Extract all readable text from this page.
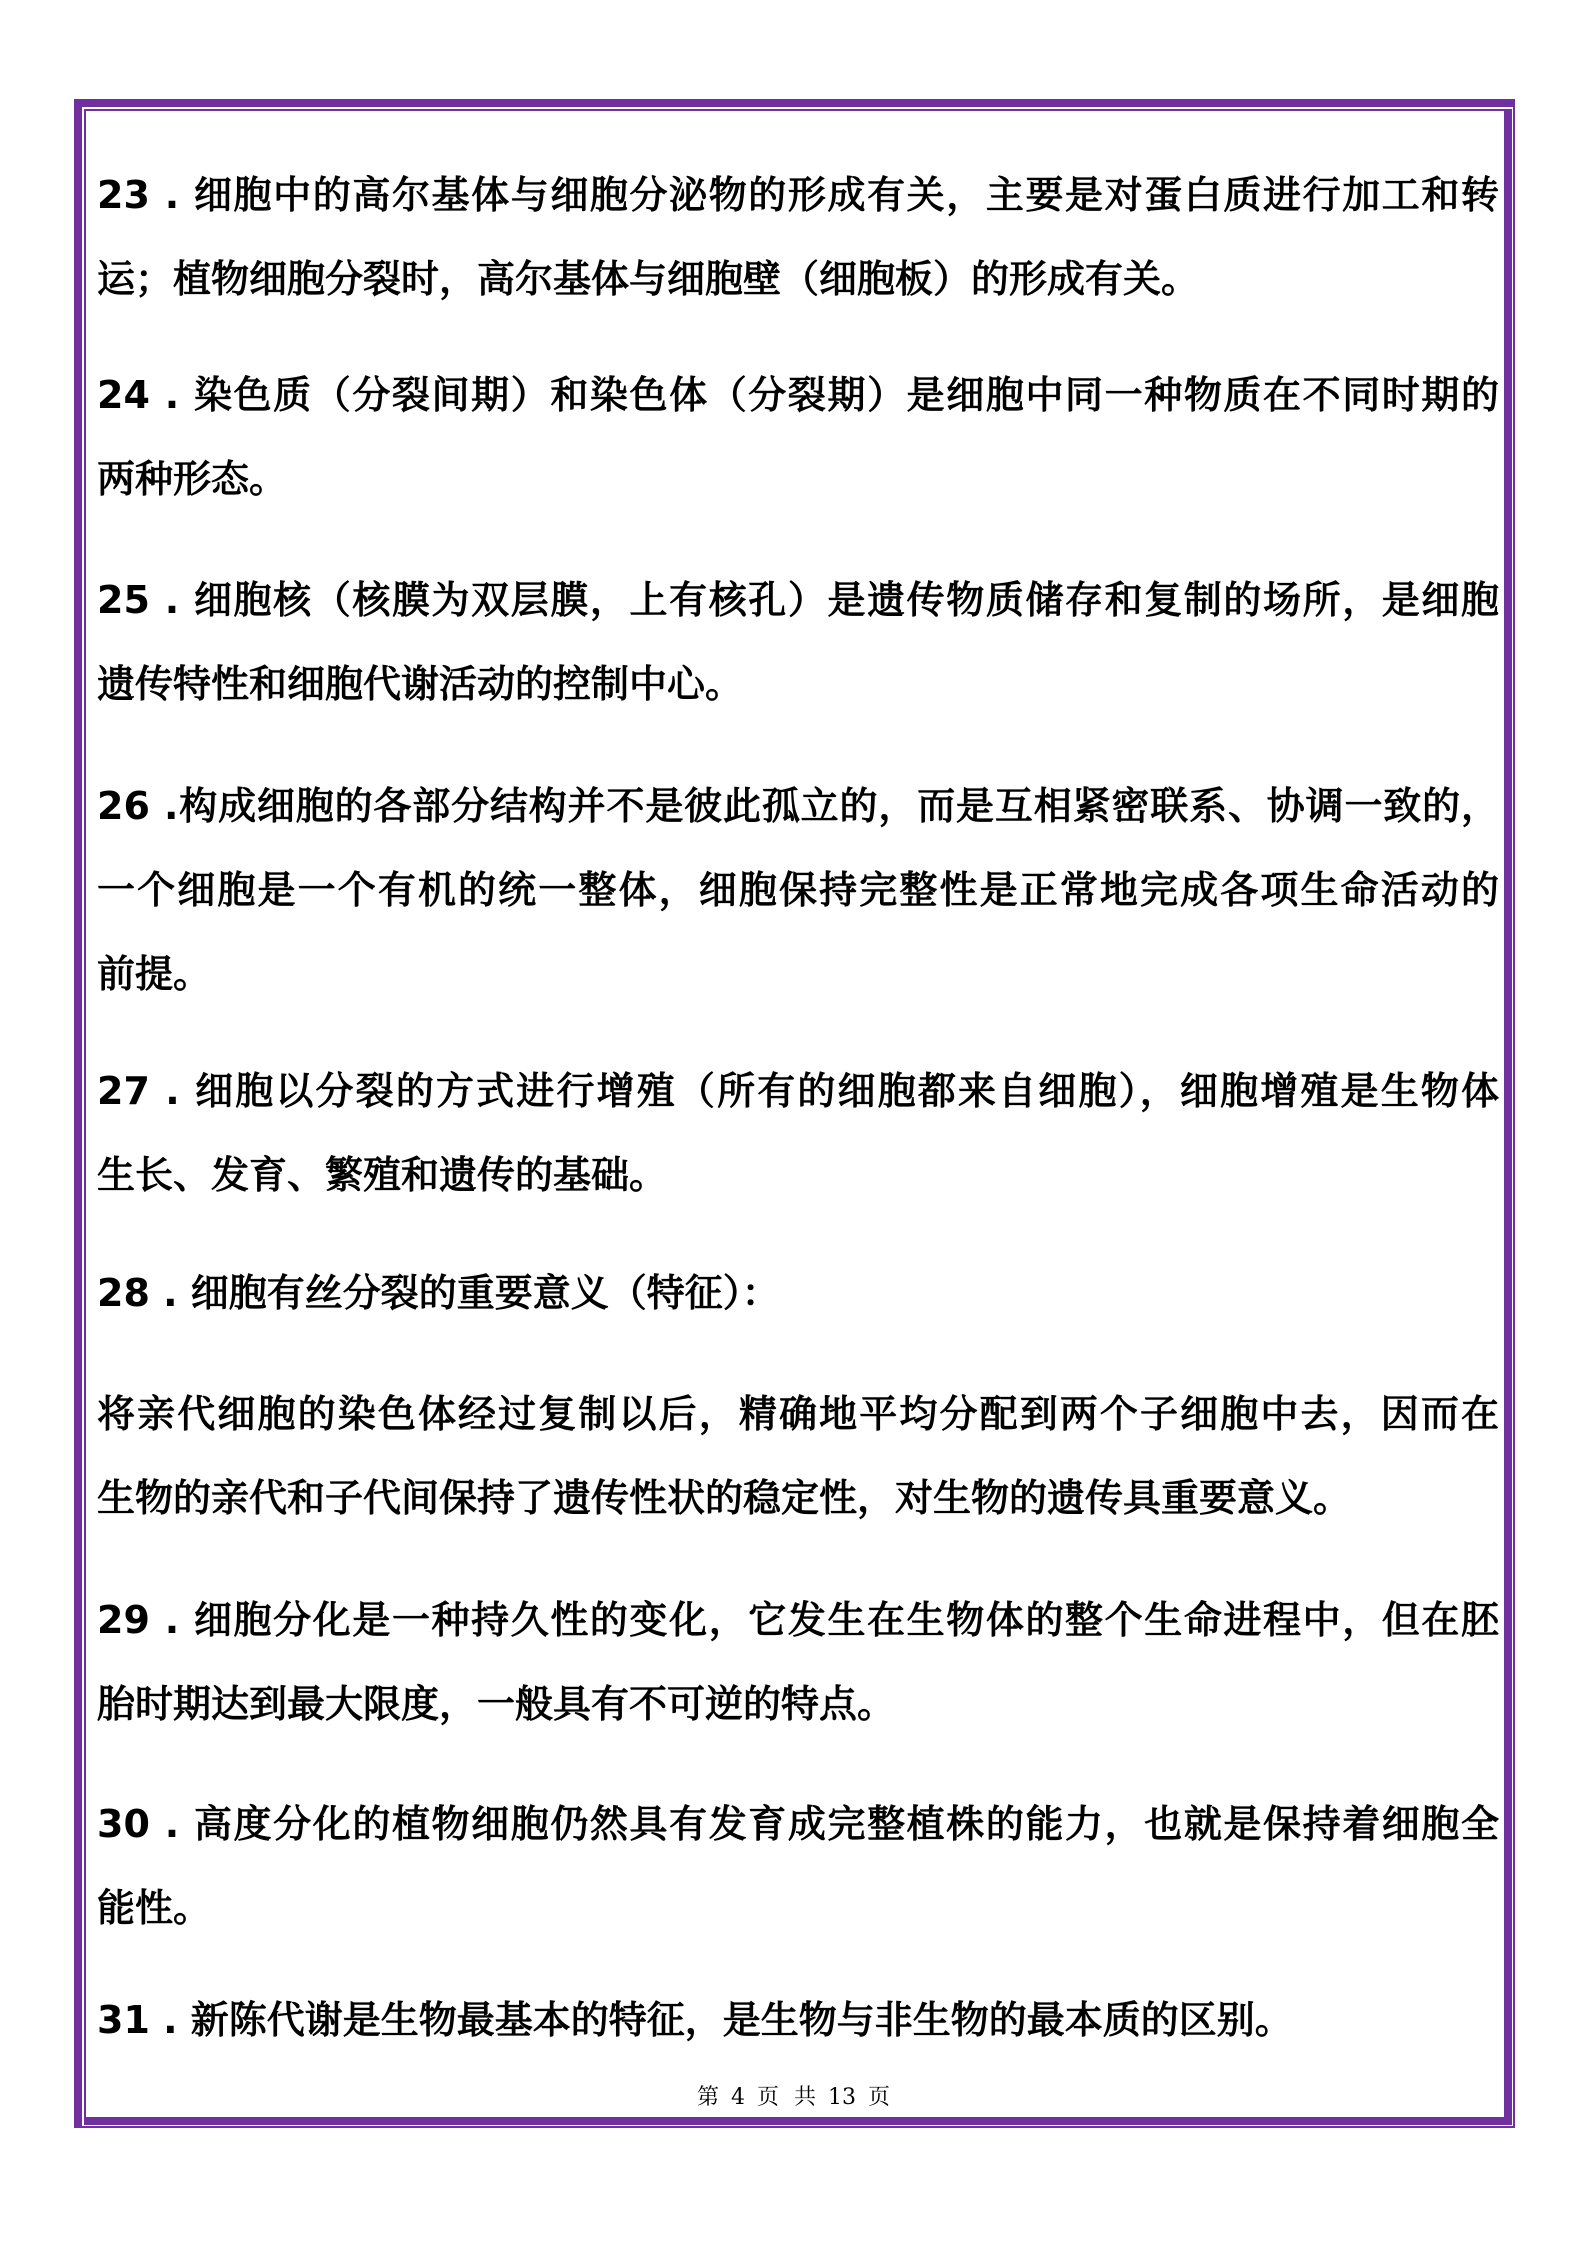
23 . 细胞中的高尔基体与细胞分泌物的形成有关，主要是对蛋白质进行加工和转
运；植物细胞分裂时，高尔基体与细胞壁（细胞板）的形成有关。
24 . 染色质（分裂间期）和染色体（分裂期）是细胞中同一种物质在不同时期的
两种形态。
25 . 细胞核（核膜为双层膜，上有核孔）是遗传物质储存和复制的场所，是细胞
遗传特性和细胞代谢活动的控制中心。
26 .构成细胞的各部分结构并不是彼此孤立的，而是互相紧密联系、协调一致的，
一个细胞是一个有机的统一整体，细胞保持完整性是正常地完成各项生命活动的
前提。
27 . 细胞以分裂的方式进行增殖（所有的细胞都来自细胞），细胞增殖是生物体
生长、发育、繁殖和遗传的基础。
28 . 细胞有丝分裂的重要意义（特征）：
将亲代细胞的染色体经过复制以后，精确地平均分配到两个子细胞中去，因而在
生物的亲代和子代间保持了遗传性状的稳定性，对生物的遗传具重要意义。
29 . 细胞分化是一种持久性的变化，它发生在生物体的整个生命进程中，但在胚
胎时期达到最大限度，一般具有不可逆的特点。
30 . 高度分化的植物细胞仍然具有发育成完整植株的能力，也就是保持着细胞全
能性。
31 . 新陈代谢是生物最基本的特征，是生物与非生物的最本质的区别。
第 4 页 共 13 页
